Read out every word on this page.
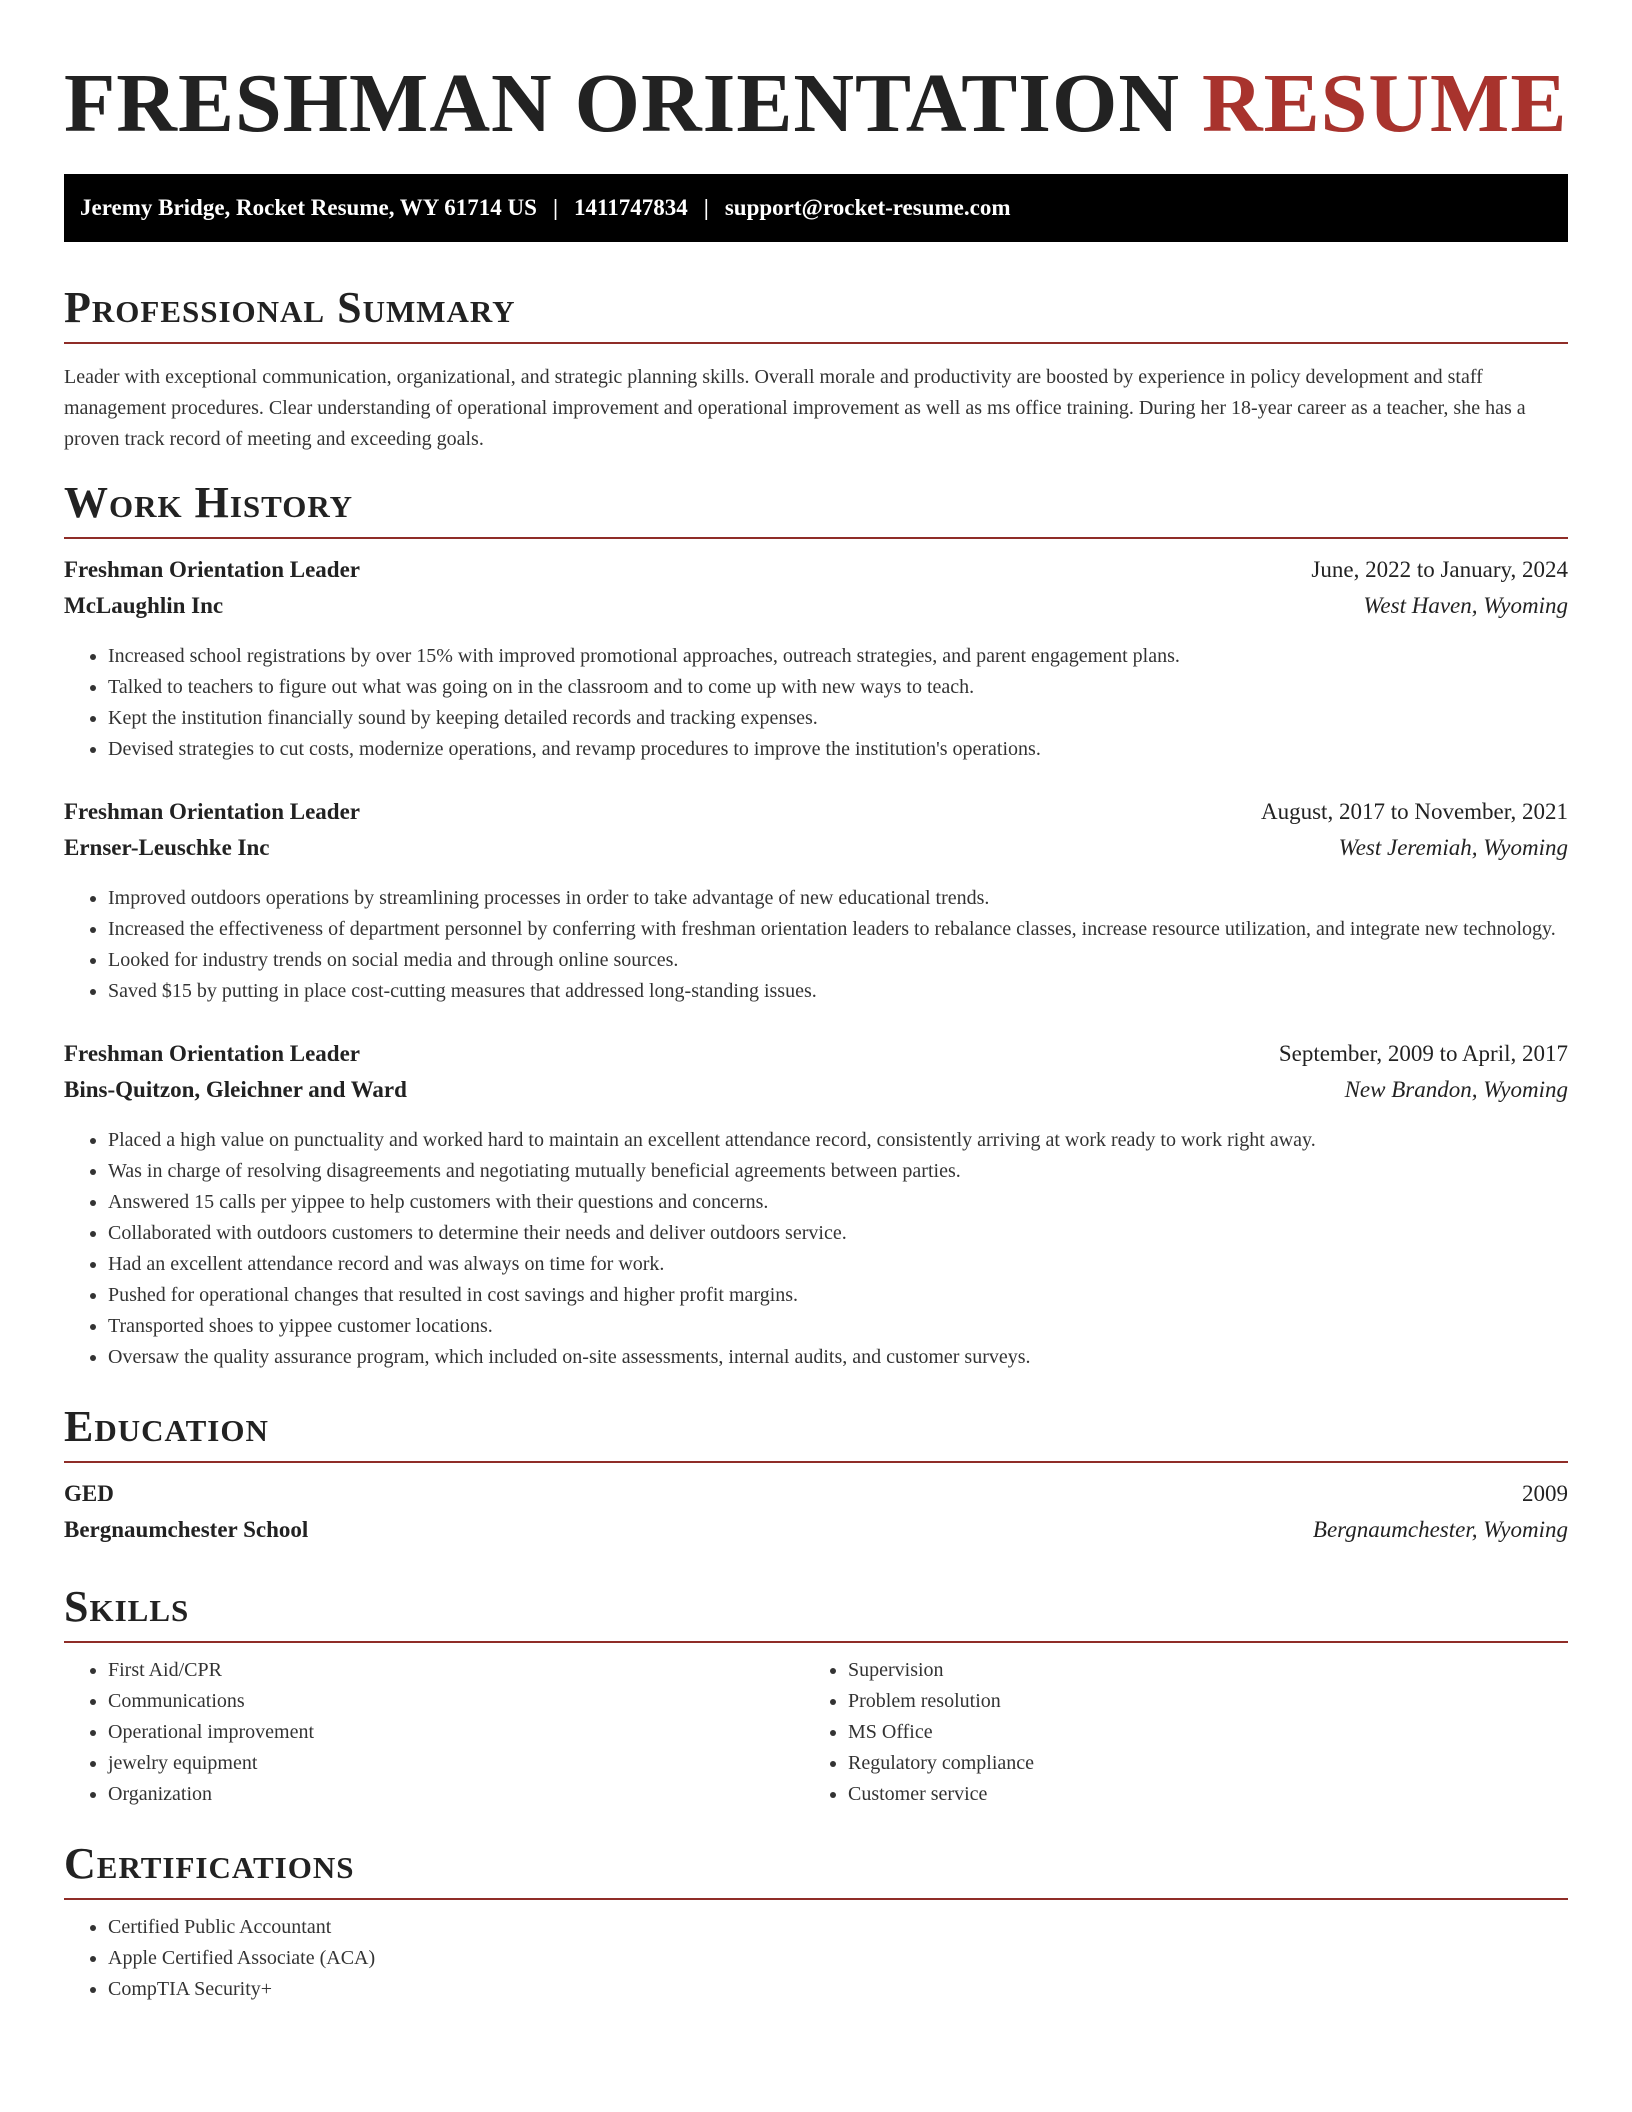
FRESHMAN ORIENTATION RESUME
Jeremy Bridge, Rocket Resume, WY 61714 US | 1411747834 | support@rocket-resume.com
Professional Summary

Leader with exceptional communication, organizational, and strategic planning skills. Overall morale and productivity are boosted by experience in policy development and staff management procedures. Clear understanding of operational improvement and operational improvement as well as ms office training. During her 18-year career as a teacher, she has a proven track record of meeting and exceeding goals.

Work History
Freshman Orientation Leader	June, 2022 to January, 2024
McLaughlin Inc	West Haven, Wyoming
• Increased school registrations by over 15% with improved promotional approaches, outreach strategies, and parent engagement plans.
• Talked to teachers to figure out what was going on in the classroom and to come up with new ways to teach.
• Kept the institution financially sound by keeping detailed records and tracking expenses.
• Devised strategies to cut costs, modernize operations, and revamp procedures to improve the institution's operations.
Freshman Orientation Leader	August, 2017 to November, 2021
Ernser-Leuschke Inc	West Jeremiah, Wyoming
• Improved outdoors operations by streamlining processes in order to take advantage of new educational trends.
• Increased the effectiveness of department personnel by conferring with freshman orientation leaders to rebalance classes, increase resource utilization, and integrate new technology.
• Looked for industry trends on social media and through online sources.
• Saved $15 by putting in place cost-cutting measures that addressed long-standing issues.
Freshman Orientation Leader	September, 2009 to April, 2017
Bins-Quitzon, Gleichner and Ward	New Brandon, Wyoming
• Placed a high value on punctuality and worked hard to maintain an excellent attendance record, consistently arriving at work ready to work right away.
• Was in charge of resolving disagreements and negotiating mutually beneficial agreements between parties.
• Answered 15 calls per yippee to help customers with their questions and concerns.
• Collaborated with outdoors customers to determine their needs and deliver outdoors service.
• Had an excellent attendance record and was always on time for work.
• Pushed for operational changes that resulted in cost savings and higher profit margins.
• Transported shoes to yippee customer locations.
• Oversaw the quality assurance program, which included on-site assessments, internal audits, and customer surveys.
Education
GED	2009
Bergnaumchester School	Bergnaumchester, Wyoming
Skills
• First Aid/CPR
• Communications
• Operational improvement
• jewelry equipment
• Organization
• Supervision
• Problem resolution
• MS Office
• Regulatory compliance
• Customer service
Certifications
• Certified Public Accountant
• Apple Certified Associate (ACA)
• CompTIA Security+
